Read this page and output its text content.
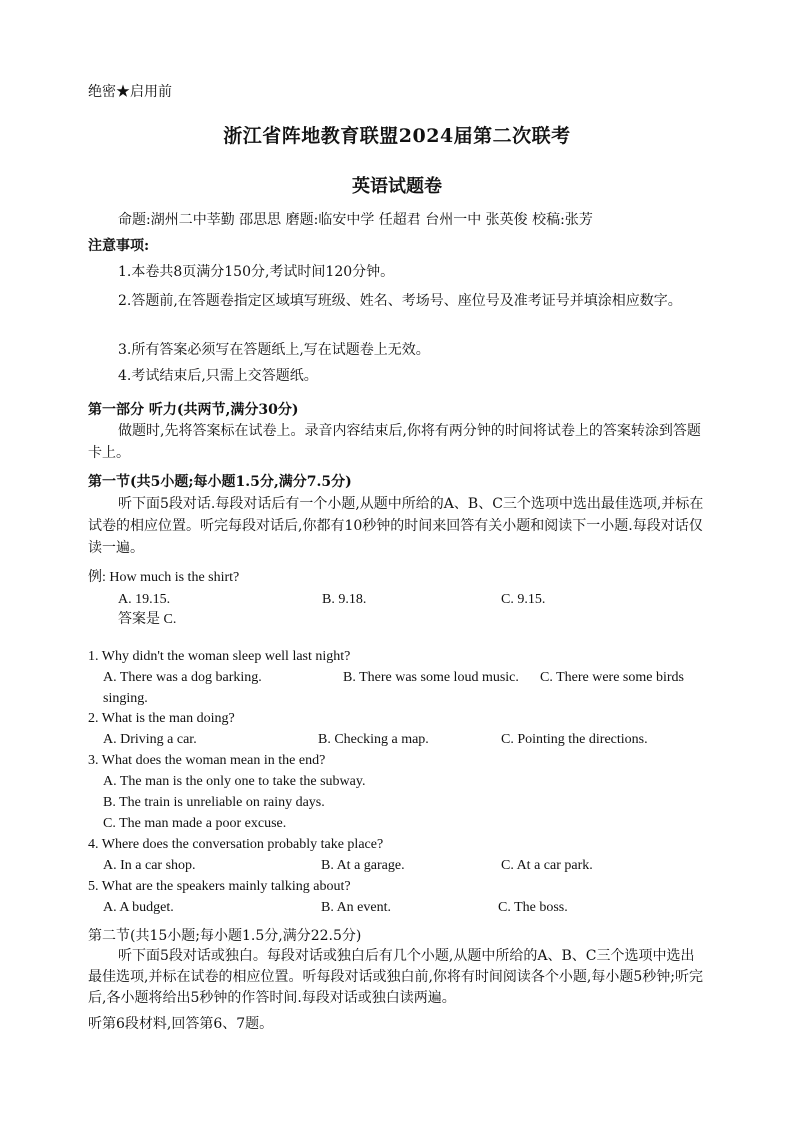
绝密★启用前
浙江省阵地教育联盟2024届第二次联考
英语试题卷
命题:湖州二中莘勤 邵思思 磨题:临安中学 任超君 台州一中 张英俊 校稿:张芳
注意事项:
1.本卷共8页满分150分,考试时间120分钟。
2.答题前,在答题卷指定区域填写班级、姓名、考场号、座位号及准考证号并填涂相应数字。
3.所有答案必须写在答题纸上,写在试题卷上无效。
4.考试结束后,只需上交答题纸。
第一部分 听力(共两节,满分30分)
做题时,先将答案标在试卷上。录音内容结束后,你将有两分钟的时间将试卷上的答案转涂到答题卡上。
第一节(共5小题;每小题1.5分,满分7.5分)
听下面5段对话.每段对话后有一个小题,从题中所给的A、B、C三个选项中选出最佳选项,并标在试卷的相应位置。听完每段对话后,你都有10秒钟的时间来回答有关小题和阅读下一小题.每段对话仅读一遍。
例: How much is the shirt?
A. 19.15.	B. 9.18.	C. 9.15.
答案是 C.
1. Why didn't the woman sleep well last night?
A. There was a dog barking.	B. There was some loud music. C. There were some birds
singing.
2. What is the man doing?
A. Driving a car.	B. Checking a map.	C. Pointing the directions.
3. What does the woman mean in the end?
A. The man is the only one to take the subway.
B. The train is unreliable on rainy days.
C. The man made a poor excuse.
4. Where does the conversation probably take place?
A. In a car shop.	B. At a garage.	C. At a car park.
5. What are the speakers mainly talking about?
A. A budget.	B. An event.	C. The boss.
第二节(共15小题;每小题1.5分,满分22.5分)
听下面5段对话或独白。每段对话或独白后有几个小题,从题中所给的A、B、C三个选项中选出最佳选项,并标在试卷的相应位置。听每段对话或独白前,你将有时间阅读各个小题,每小题5秒钟;听完后,各小题将给出5秒钟的作答时间.每段对话或独白读两遍。
听第6段材料,回答第6、7题。
